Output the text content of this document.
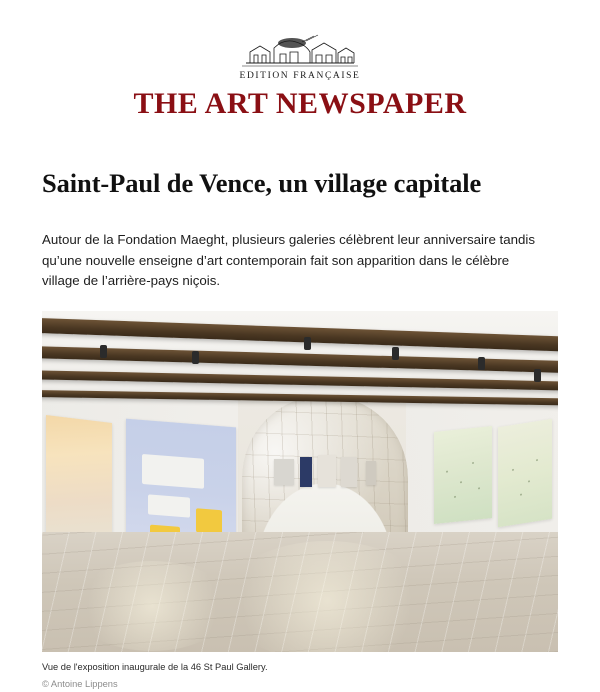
EDITION FRANÇAISE
THE ART NEWSPAPER
Saint-Paul de Vence, un village capitale

Autour de la Fondation Maeght, plusieurs galeries célèbrent leur anniversaire tandis qu’une nouvelle enseigne d’art contemporain fait son apparition dans le célèbre village de l’arrière-pays niçois.

Vue de l'exposition inaugurale de la 46 St Paul Gallery.
© Antoine Lippens
